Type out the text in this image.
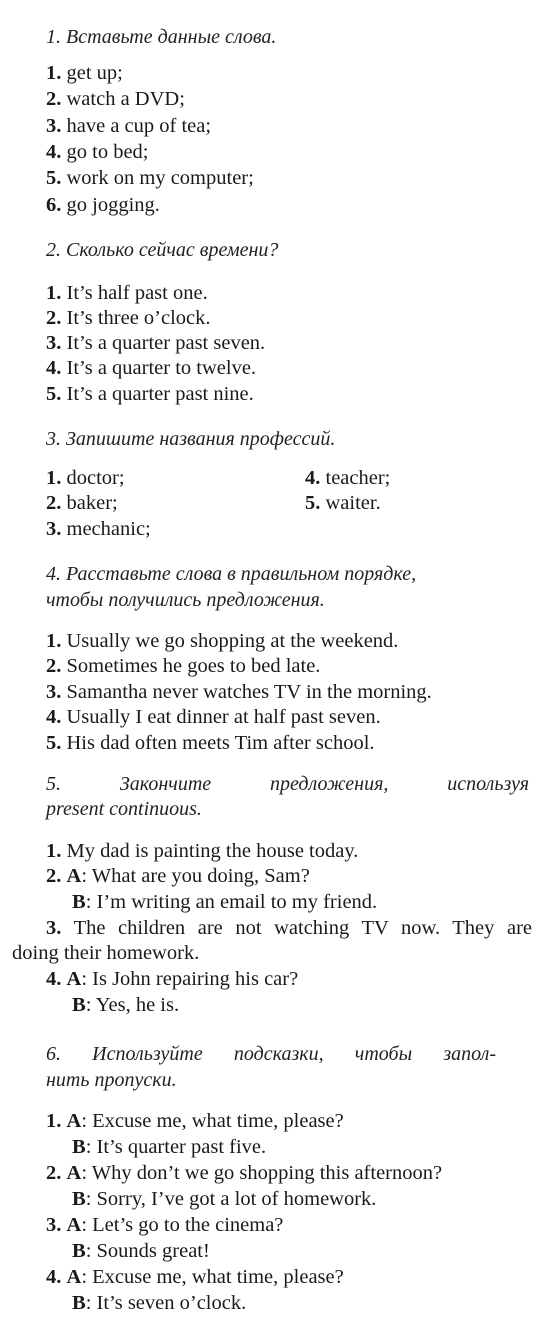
1. Вставьте данные слова.
1. get up;
2. watch a DVD;
3. have a cup of tea;
4. go to bed;
5. work on my computer;
6. go jogging.
2. Сколько сейчас времени?
1. It’s half past one.
2. It’s three o’clock.
3. It’s a quarter past seven.
4. It’s a quarter to twelve.
5. It’s a quarter past nine.
3. Запишите названия профессий.
1. doctor;
2. baker;
3. mechanic;
4. teacher;
5. waiter.
4. Расставьте слова в правильном порядке,
чтобы получились предложения.
1. Usually we go shopping at the weekend.
2. Sometimes he goes to bed late.
3. Samantha never watches TV in the morning.
4. Usually I eat dinner at half past seven.
5. His dad often meets Tim after school.
5. Закончите предложения, используя
present continuous.
1. My dad is painting the house today.
2. A: What are you doing, Sam?
B: I’m writing an email to my friend.
3. The children are not watching TV now. They are
doing their homework.
4. A: Is John repairing his car?
B: Yes, he is.
6. Используйте подсказки, чтобы запол-
нить пропуски.
1. A: Excuse me, what time, please?
B: It’s quarter past five.
2. A: Why don’t we go shopping this afternoon?
B: Sorry, I’ve got a lot of homework.
3. A: Let’s go to the cinema?
B: Sounds great!
4. A: Excuse me, what time, please?
B: It’s seven o’clock.
